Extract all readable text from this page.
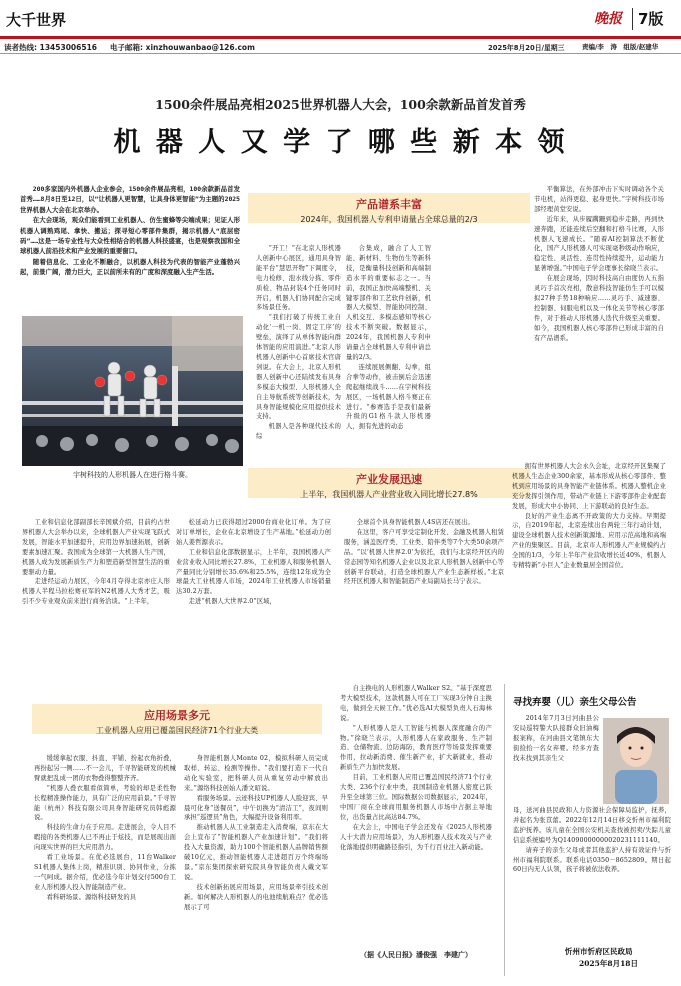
大千世界	晚报 7版
读者热线: 13453006516 电子邮箱: xinzhouwanbao@126.com	2025年8月20日/星期三	责编/李　涛　组版/赵建华
1500余件展品亮相2025世界机器人大会，100余款新品首发首秀
机 器 人 又 学 了 哪 些 新 本 领

200多家国内外机器人企业参会，1500余件展品亮相，100余款新品首发首秀……8月8日至12日，以“让机器人更智慧，让具身体更智能”为主题的2025世界机器人大会在北京举办。

在大会现场，观众们能看到工业机器人、仿生蜜蜂等尖端成果；见证人形机器人调熟鸡尾、拿快、搬运；探寻短心零部件集群，揭示机器人“底层密码”……这是一场专业性与大众性相结合的机器人科技盛宴，也是观察我国和全球机器人前沿技术和产业发展的重要窗口。

随着信息化、工业化不断融合，以机器人科技为代表的智能产业蓬勃兴起，前景广阔，潜力巨大，正以前所未有的广度和深度融入生产生活。

产品谱系丰富
2024年，我国机器人专利申请量占全球总量的2/3
宇树科技的人形机器人在进行格斗赛。

“开工！”在北京人形机器人创新中心展区，通用具身智能平台“慧思开物”下调度令，电力检修、泡水线分拣、零件质检、物品封装4个任务同时开启，机器人们协同配合完成多场景任务。

“我们打破了传统工业自动化‘一机一岗、固定工序’的壁垒，演绎了从单体智能向群体智能的应用演进。”北京人形机器人创新中心首席技术官唐剑说。在大会上，北京人形机器人创新中心还陆续发布具身多模态大模型、人形机器人全自主导航系统等创新技术，为具身智能规模化应用提供技术支持。

机器人是各种现代技术的综

合集成，融合了人工智能、新材料、生物仿生等新科技，是衡量科技创新和高端制造水平的重要标志之一。当前，我国正加快高端整机、关键零部件和工艺软件创新，机器人大模型、智能协同控制、人机交互、多模态感知等核心技术不断突破。数据显示，2024年，我国机器人专利申请量占全球机器人专利申请总量的2/3。

连续展展侧翻、勾拳，组合拳等动作，被击倒后会迅速爬起继续战斗……在宇树科技展区，一场机器人格斗赛正在进行。“参赛选手是我们最新升级的G1格斗款人形机器人，拥有先进的动态

平衡算法，在外部冲击下实时调动各个关节电机，站得更稳、起身更快。”宇树科技市场部经理黄堂安说。

近年来，从步履蹒跚到稳步走路，再到快速奔跑，还能连续后空翻和打格斗比赛，人形机器人飞速成长。“随着AI控制算法不断优化，国产人形机器人可实现毫秒级动作响应，稳定性、灵活性、连贯性持续提升，运动能力显著增强。”中国电子学会理事长徐晓兰表示。

在展会现场，因时科技高自由度仿人五指灵巧手首次亮相，散意科技智能仿生手可以模拟27种手势18种响应……灵巧手、减速器、控制器、伺服电机以及一体化关节等核心零部件，对于推动人形机器人迭代升级至关重要。如今，我国机器人核心零部件已形成丰富的自有产品谱系。

产业发展迅速
上半年，我国机器人产业营业收入同比增长27.8%

工业和信息化部副部长辛国斌介绍，目前约占世界机器人大会举办以来，全球机器人产业实现飞跃式发展，智能水平加速提升，应用边界加速拓展，创新要素加速汇聚。我国成为全球第一大机器人生产国，机器人成为发展新质生产力和塑造新型智慧生活的重要驱动力量。

走进经运动力展区，今年4月夺得北京亦庄人形机器人半程马拉松赛亚军的N2机器人大秀才艺，吸引不少专业观众前来进行商务洽谈。“上半年，

松延动力已获得超过2000台商业化订单。为了应对订单增长，企业在北京增设了生产基地。”松延动力创始人姜哲源表示。

工业和信息化部数据显示，上半年，我国机器人产业营业收入同比增长27.8%，工业机器人和服务机器人产量同比分别增长35.6%和25.5%，连续12年成为全球最大工业机器人市场，2024年工业机器人市场销量达30.2万套。

走进“机器人大世界2.0”区域，

全球首个具身智能机器人4S店还在展出。

在这里，客户可享受定制化开发、金融及机器人租赁服务，涵盖医疗类、工业类、陪伴类等7个大类50余项产品。“以‘机器人世界2.0’为依托，我们与北京经开区内的常态园等知名机器人企业以及北京人形机器人创新中心等创新平台联动，打造全球机器人产业生态新样板。”北京经开区机器人和智能制造产业局副局长马宁表示。

拥有世界机器人大会永久会址，北京经开区集聚了机器人生态企业300余家，基本形成从核心零部件、整机到应用场景的具身智能产业链体系。机器人整机企业充分发挥引领作用，带动产业链上下游零部件企业配套发展，形成大中小协同、上下游联动的良好生态。

良好的产业生态离不开政策的大力支持。早期提示，自2019年起，北京连续出台两轮三年行动计划，建设全球机器人技术创新策源地、应用示范高地和高端产业的集聚区。目前，北京市人形机器人产业规模约占全国的1/3，今年上半年产业营收增长近40%，机器人专精特新“小巨人”企业数量居全国首位。

应用场景多元
工业机器人应用已覆盖国民经济71个行业大类

缓缓拿起衣服、抖直、平铺、扮起衣角折叠，再扮起另一侧……不一会儿，千寻智能研发的机械臂就把乱成一团的衣物叠得整整齐齐。

“机器人叠衣服看似简单，考验的却是柔性物长程精准操作能力，具有广泛的应用前景。”千寻智能（杭州）科技有限公司具身智能研究员韩彪源说。

科技的生命力在于应用。走进展会，令人目不暇接的各类机器人已不再止于炫技，而是展现出面向现实世界的巨大应用潜力。

看工业场景。在优必选展台，11台Walker S1机器人集体上岗，精准识别、协同作业，分拣一气呵成。据介绍，优必选今年计划交付500台工业人形机器人投入智能制造产业。

看科研场景。源络科技研发的具

身智能机器人Monte 02，模拟科研人员完成取样、转运、检测等操作。“我们要打造下一代自动化实验室，把科研人员从重复劳动中解放出来。”源络科技创始人潘文昭说。

看服务场景。云迹科技UP机器人人脸迎宾、早晨可化身“送餐员”，中午切换为“清洁工”，夜间则承担“巡逻员”角色，大幅提升设备利用率。

推动机器人从工业制造走入消费端，京东在大会上宣布了“智能机器人产业加速计划”。“我们将投入大量资源，助力100个智能机器人品牌销售额破10亿元，推动智能机器人走进超百万个终端场景。”京东集团探索研究院具身智能负责人戴文军说。

技术创新拓展应用场景，应用场景牵引技术创新。如何解决人形机器人的电池续航难点？优必选展示了可

自主换电的人形机器人Walker S2。“基于深度思考大模型技术，这款机器人可在工厂实现3分钟自主换电，做到全天候工作。”优必选AI大模型负责人石海林说。

“人形机器人是人工智能与机器人深度融合的产物。”徐晓兰表示，人形机器人在家政服务、生产制造、仓储物流、边防海防，教育医疗等场景发挥重要作用，拉动新消费、催生新产业，扩大新就业，推动新质生产力加快发展。

目前，工业机器人应用已覆盖国民经济71个行业大类、236个行业中类，我国制造业机器人密度已跃升至全球第三位。国际数据公司数据显示，2024年，中国厂商在全球商用服务机器人市场中占据主导地位，出货量占比高达84.7%。

在大会上，中国电子学会还发布《2025人形机器人十大潜力应用场景》，为人形机器人技术攻关与产业化落地提供明确路径指引，为千行百业注入新动能。

（据《人民日报》潘俊强　李建广）
寻找弃婴（儿）亲生父母公告

2014年7月3日河曲县公安局巡特警大队接群众旧油梅报案称，在河曲县文笔镇东大街捡拾一名女弃婴。经多方查找未找到其亲生父

母，送河曲县民政和人力资源社会保障局监护，抚养，并起名为张苡蕾。2022年12月14日移交忻州市福利院监护抚养。该儿童在全国公安机关查找被拐卖/失踪儿童信息系统编号为Q14090000000020231111140。

请弃子的亲生父母或者其他监护人持有效证件与忻州市福利院联系。联系电话0350－8652809。期日起60日内无人认领，孩子将被依法收养。

忻州市忻府区民政局
2025年8月18日
